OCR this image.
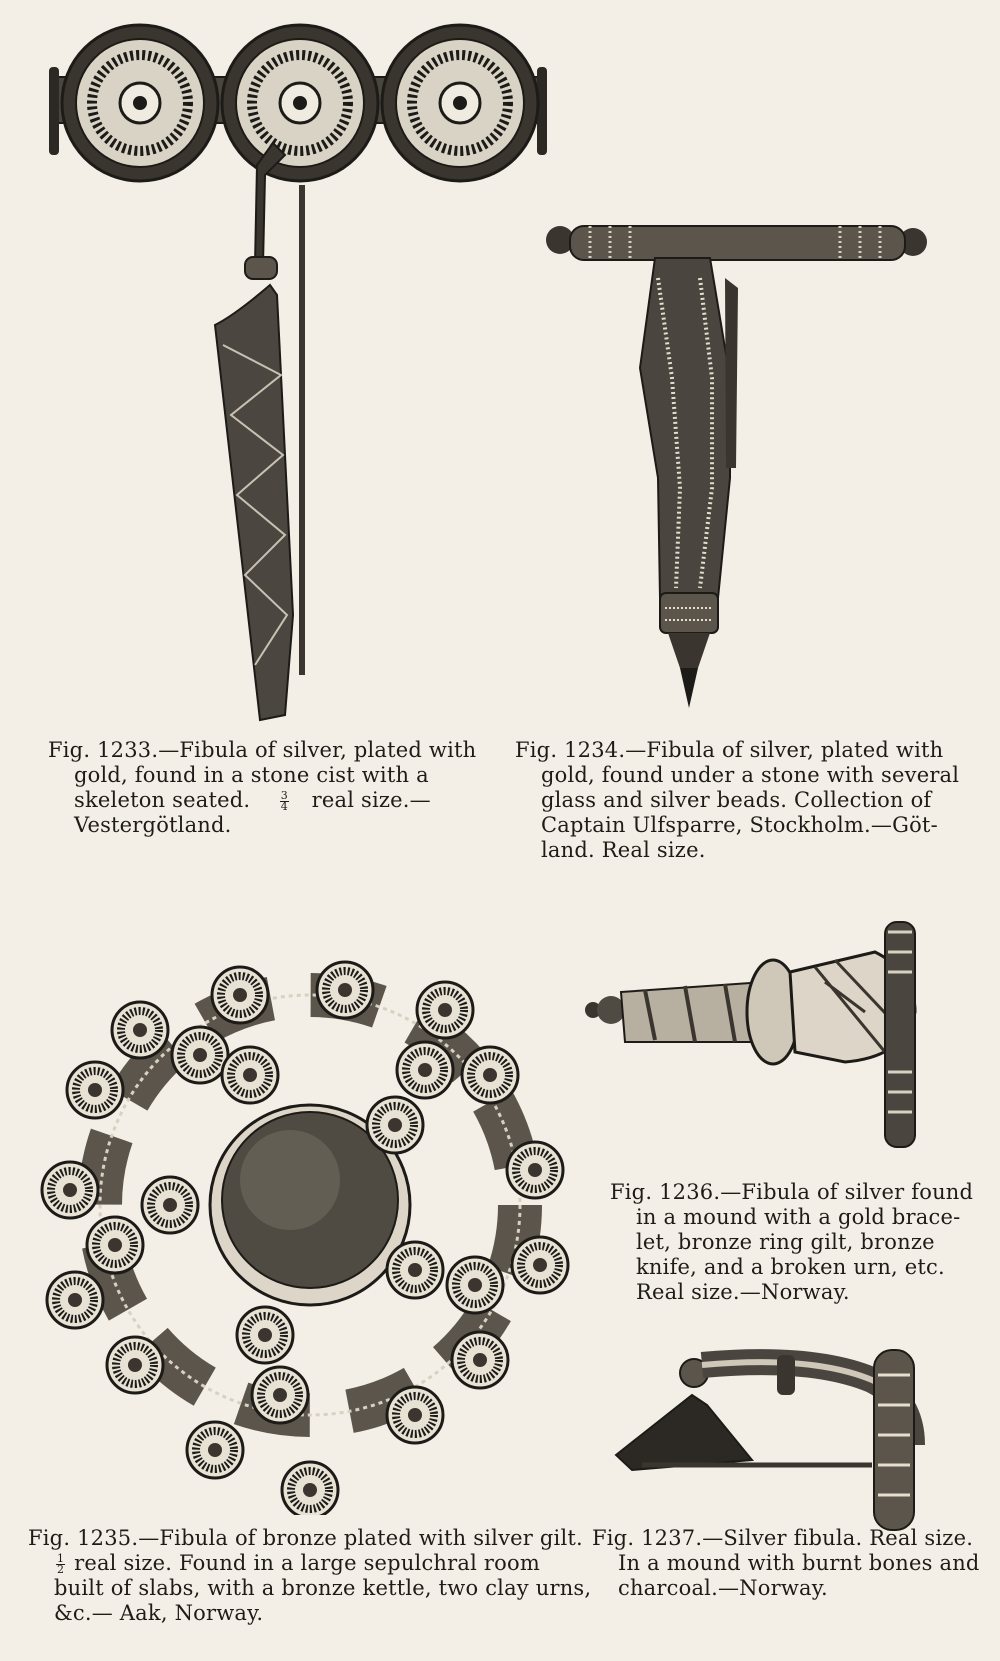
Fig. 1233.—Fibula of silver, plated with
gold, found in a stone cist with a
skeleton seated.	$\frac{3}{4}$ real size.—
Vestergötland.
Fig. 1234.—Fibula of silver, plated with
gold, found under a stone with several
glass and silver beads. Collection of
Captain Ulfsparre, Stockholm.—Göt-
land. Real size.
Fig. 1236.—Fibula of silver found
in a mound with a gold brace-
let, bronze ring gilt, bronze
knife, and a broken urn, etc.
Real size.—Norway.
Fig. 1235.—Fibula of bronze plated with silver gilt.
$\frac{1}{2}$ real size. Found in a large sepulchral room
built of slabs, with a bronze kettle, two clay urns,
&c.— Aak, Norway.
Fig. 1237.—Silver fibula. Real size.
In a mound with burnt bones and
charcoal.—Norway.
